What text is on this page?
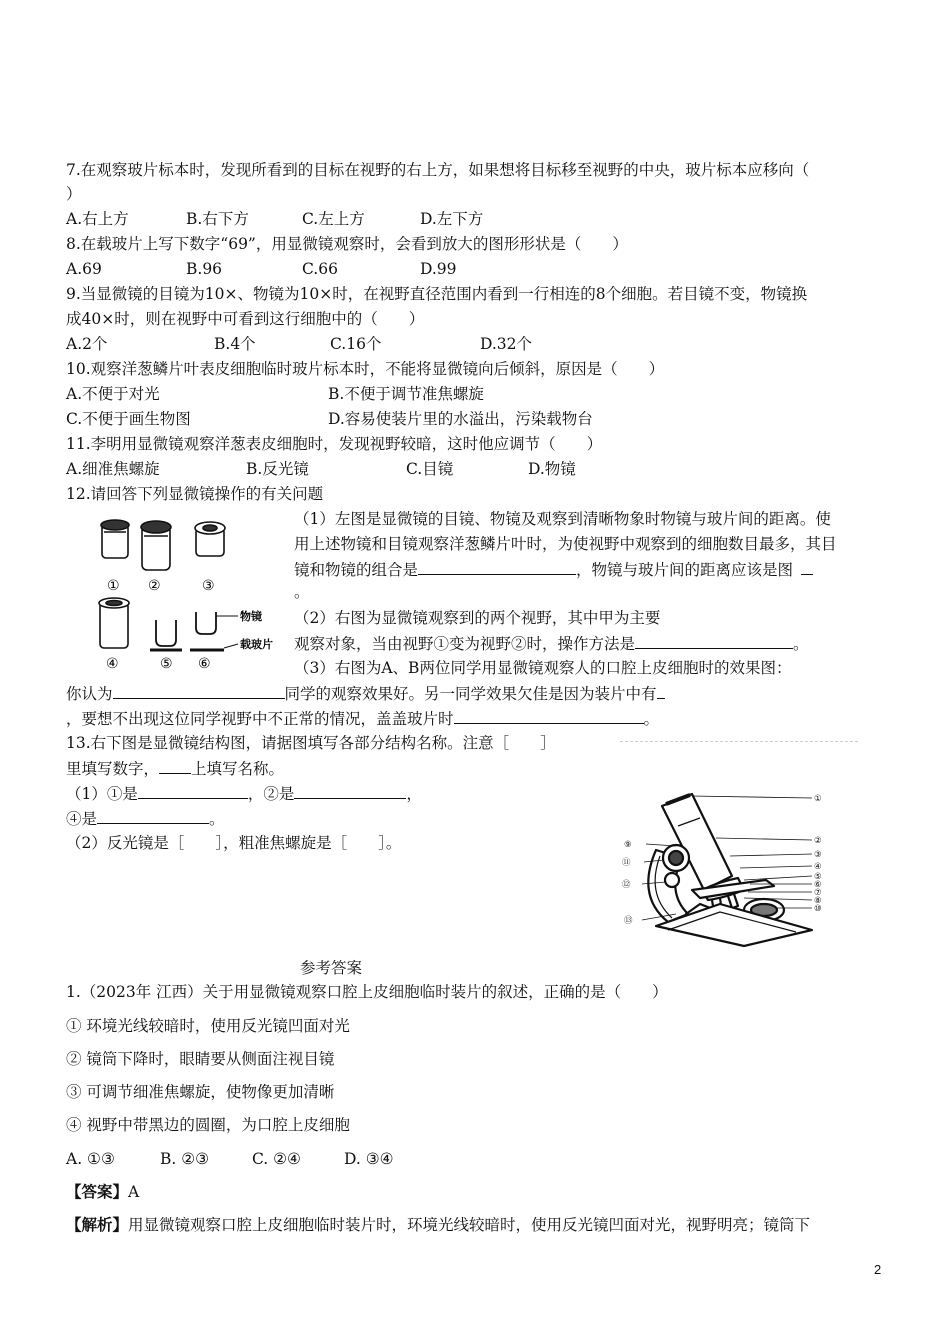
7.在观察玻片标本时，发现所看到的目标在视野的右上方，如果想将目标移至视野的中央，玻片标本应移向（
）
A.右上方	B.右下方	C.左上方	D.左下方
8.在载玻片上写下数字“69”，用显微镜观察时，会看到放大的图形形状是（　　）
A.69	B.96	C.66	D.99
9.当显微镜的目镜为10×、物镜为10×时，在视野直径范围内看到一行相连的8个细胞。若目镜不变，物镜换
成40×时，则在视野中可看到这行细胞中的（　　）
A.2个	B.4个	C.16个	D.32个
10.观察洋葱鳞片叶表皮细胞临时玻片标本时，不能将显微镜向后倾斜，原因是（　　）
A.不便于对光	B.不便于调节准焦螺旋
C.不便于画生物图	D.容易使装片里的水溢出，污染载物台
11.李明用显微镜观察洋葱表皮细胞时，发现视野较暗，这时他应调节（　　）
A.细准焦螺旋	B.反光镜	C.目镜	D.物镜
12.请回答下列显微镜操作的有关问题
① ②	③
物镜
载玻片
④	⑤ ⑥
（1）左图是显微镜的目镜、物镜及观察到清晰物象时物镜与玻片间的距离。使
用上述物镜和目镜观察洋葱鳞片叶时，为使视野中观察到的细胞数目最多，其目
镜和物镜的组合是	，物镜与玻片间的距离应该是图
。
（2）右图为显微镜观察到的两个视野，其中甲为主要
观察对象，当由视野①变为视野②时，操作方法是	。
（3）右图为A、B两位同学用显微镜观察人的口腔上皮细胞时的效果图：
你认为	同学的观察效果好。另一同学效果欠佳是因为装片中有
，要想不出现这位同学视野中不正常的情况，盖盖玻片时	。
13.右下图是显微镜结构图，请据图填写各部分结构名称。注意［　　］
里填写数字， 上填写名称。
（1）①是	，②是	，
④是	。
（2）反光镜是［　　］，粗准焦螺旋是［　　］。
①
②
③
④
⑤
⑥
⑦
⑧
⑩
⑨
⑪
⑫
⑬
参考答案
1.（2023年 江西）关于用显微镜观察口腔上皮细胞临时装片的叙述，正确的是（　　）
① 环境光线较暗时，使用反光镜凹面对光
② 镜筒下降时，眼睛要从侧面注视目镜
③ 可调节细准焦螺旋，使物像更加清晰
④ 视野中带黑边的圆圈，为口腔上皮细胞
A. ①③	B. ②③	C. ②④	D. ③④
【答案】A
【解析】用显微镜观察口腔上皮细胞临时装片时，环境光线较暗时，使用反光镜凹面对光，视野明亮；镜筒下
2
